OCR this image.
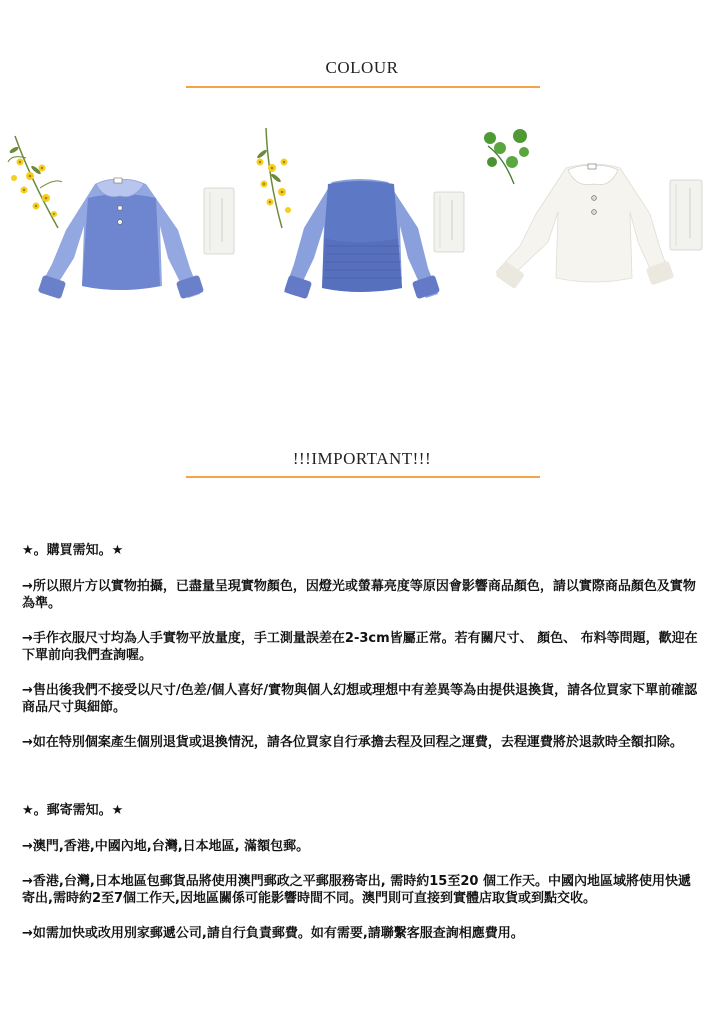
COLOUR
!!!IMPORTANT!!!

★。購買需知。★

→所以照片方以實物拍攝，已盡量呈現實物顏色，因燈光或螢幕亮度等原因會影響商品顏色，請以實際商品顏色及實物為準。

→手作衣服尺寸均為人手實物平放量度，手工測量誤差在2-3cm皆屬正常。若有關尺寸、 顏色、 布料等問題，歡迎在下單前向我們查詢喔。

→售出後我們不接受以尺寸/色差/個人喜好/實物與個人幻想或理想中有差異等為由提供退換貨，請各位買家下單前確認商品尺寸與細節。

→如在特別個案產生個別退貨或退換情況，請各位買家自行承擔去程及回程之運費，去程運費將於退款時全額扣除。

★。郵寄需知。★

→澳門,香港,中國內地,台灣,日本地區, 滿額包郵。

→香港,台灣,日本地區包郵貨品將使用澳門郵政之平郵服務寄出, 需時約15至20 個工作天。中國內地區域將使用快遞寄出,需時約2至7個工作天,因地區關係可能影響時間不同。澳門則可直接到實體店取貨或到點交收。

→如需加快或改用別家郵遞公司,請自行負責郵費。如有需要,請聯繫客服查詢相應費用。
